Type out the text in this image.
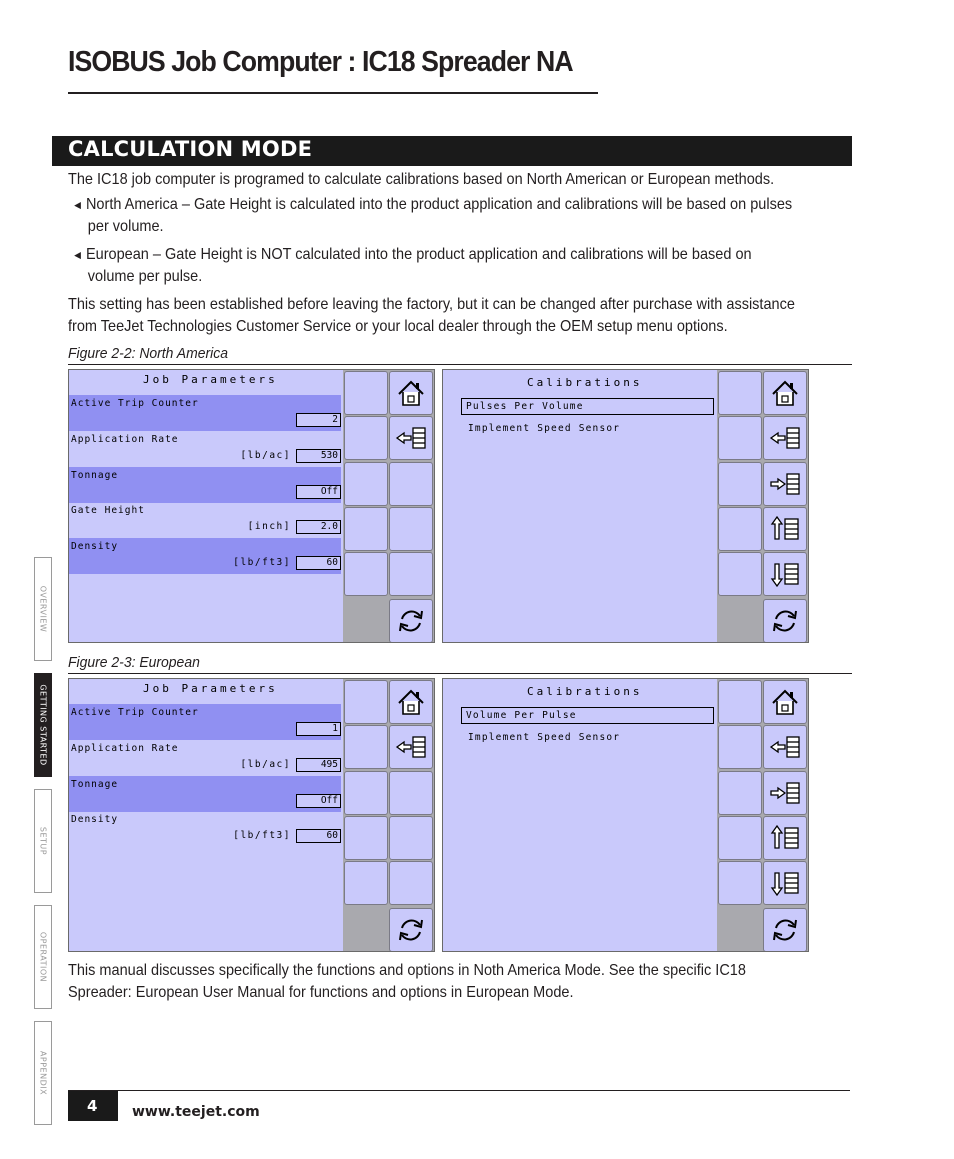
ISOBUS Job Computer : IC18 Spreader NA
CALCULATION MODE
The IC18 job computer is programed to calculate calibrations based on North American or European methods.
◄ North America – Gate Height is calculated into the product application and calibrations will be based on pulses
per volume.
◄ European – Gate Height is NOT calculated into the product application and calibrations will be based on
volume per pulse.
This setting has been established before leaving the factory, but it can be changed after purchase with assistance
from TeeJet Technologies Customer Service or your local dealer through the OEM setup menu options.
Figure 2-2: North America
Job Parameters
Active Trip Counter
2
Application Rate
[lb/ac]	530
Tonnage
Off
Gate Height
[inch]	2.0
Density
[lb/ft3]	60
Calibrations
Pulses Per Volume
Implement Speed Sensor
Figure 2-3: European
Job Parameters
Active Trip Counter
1
Application Rate
[lb/ac]	495
Tonnage
Off
Density
[lb/ft3]	60
Calibrations
Volume Per Pulse
Implement Speed Sensor
This manual discusses specifically the functions and options in Noth America Mode. See the specific IC18
Spreader: European User Manual for functions and options in European Mode.
OVERVIEW
GETTING STARTED
SETUP
OPERATION
APPENDIX
4	www.teejet.com
